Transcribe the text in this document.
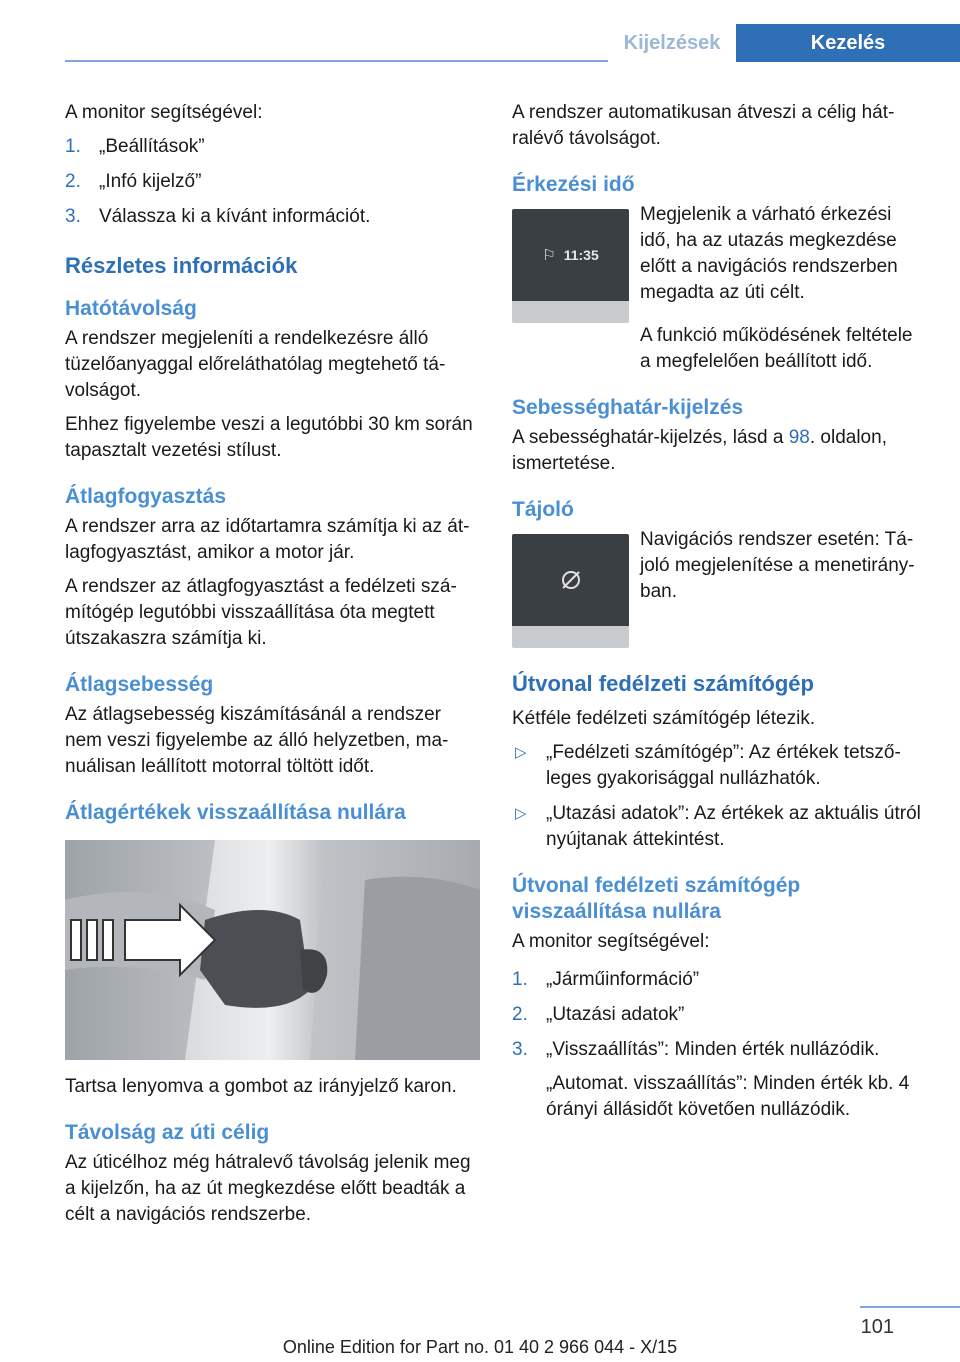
Kijelzések	Kezelés

A monitor segítségével:

1. „Beállítások”
2. „Infó kijelző”
3. Válassza ki a kívánt információt.
Részletes információk
Hatótávolság

A rendszer megjeleníti a rendelkezésre álló tüzelőanyaggal előreláthatólag megtehető távolságot.

Ehhez figyelembe veszi a legutóbbi 30 km során tapasztalt vezetési stílust.

Átlagfogyasztás

A rendszer arra az időtartamra számítja ki az átlagfogyasztást, amikor a motor jár.

A rendszer az átlagfogyasztást a fedélzeti számítógép legutóbbi visszaállítása óta megtett útszakaszra számítja ki.

Átlagsebesség

Az átlagsebesség kiszámításánál a rendszer nem veszi figyelembe az álló helyzetben, manuálisan leállított motorral töltött időt.

Átlagértékek visszaállítása nullára

Tartsa lenyomva a gombot az irányjelző karon.

Távolság az úti célig

Az úticélhoz még hátralevő távolság jelenik meg a kijelzőn, ha az út megkezdése előtt beadták a célt a navigációs rendszerbe.

A rendszer automatikusan átveszi a célig hátralévő távolságot.

Érkezési idő
⚐ 11:35

Megjelenik a várható érkezési idő, ha az utazás megkezdése előtt a navigációs rendszerben megadta az úti célt.

A funkció működésének feltétele a megfelelően beállított idő.

Sebességhatár-kijelzés

A sebességhatár-kijelzés, lásd a 98. oldalon, ismertetése.

Tájoló

Navigációs rendszer esetén: Tájoló megjelenítése a menetirányban.

Útvonal fedélzeti számítógép

Kétféle fedélzeti számítógép létezik.

▷ „Fedélzeti számítógép”: Az értékek tetszőleges gyakorisággal nullázhatók.
▷ „Utazási adatok”: Az értékek az aktuális útról nyújtanak áttekintést.
Útvonal fedélzeti számítógép visszaállítása nullára

A monitor segítségével:

1. „Járműinformáció”
2. „Utazási adatok”
3. „Visszaállítás”: Minden érték nullázódik.
„Automat. visszaállítás”: Minden érték kb. 4 órányi állásidőt követően nullázódik.
101
Online Edition for Part no. 01 40 2 966 044 - X/15
